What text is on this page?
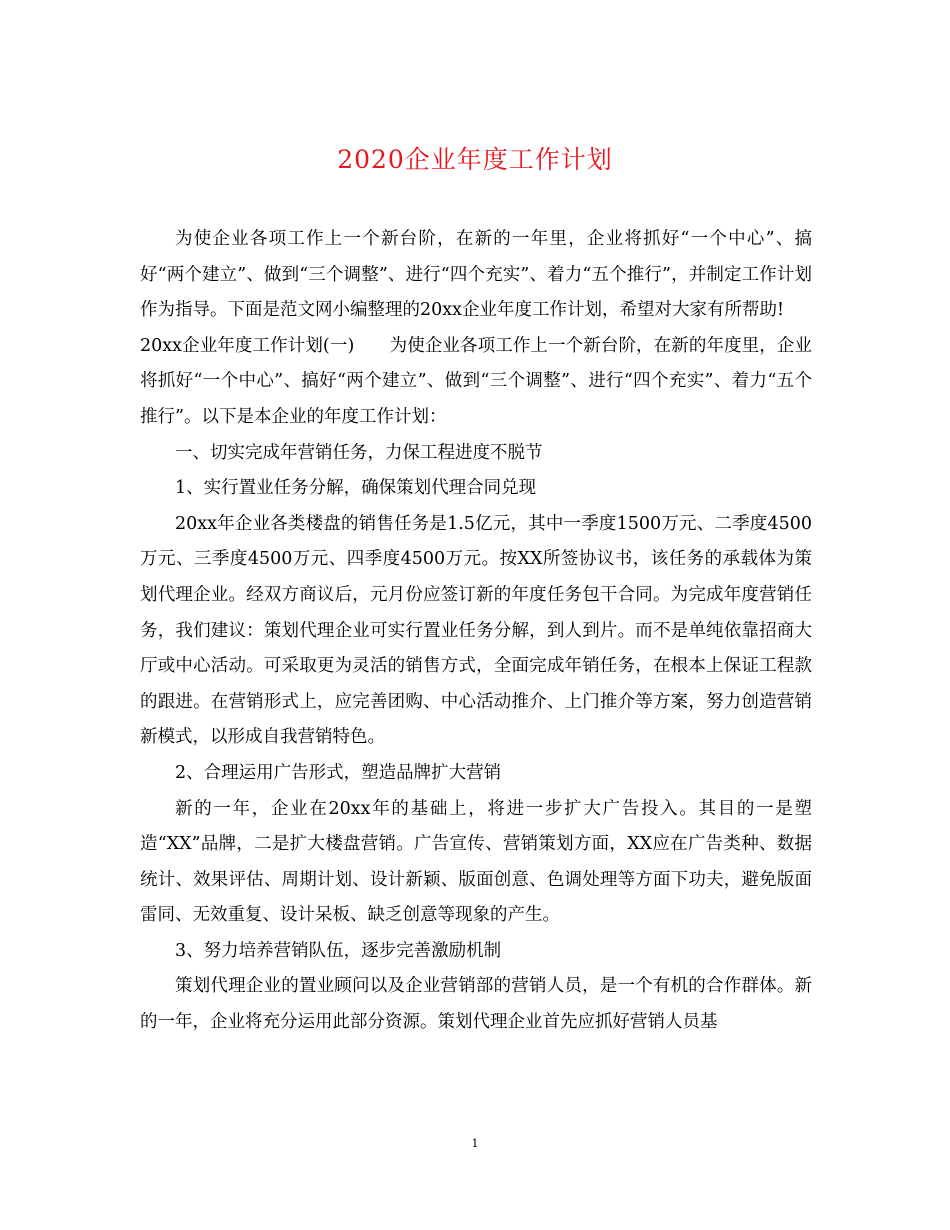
2020企业年度工作计划

为使企业各项工作上一个新台阶，在新的一年里，企业将抓好“一个中心”、搞好“两个建立”、做到“三个调整”、进行“四个充实”、着力“五个推行”，并制定工作计划作为指导。下面是范文网小编整理的20xx企业年度工作计划，希望对大家有所帮助!

20xx企业年度工作计划(一)　　为使企业各项工作上一个新台阶，在新的年度里，企业将抓好“一个中心”、搞好“两个建立”、做到“三个调整”、进行“四个充实”、着力“五个推行”。以下是本企业的年度工作计划：

一、切实完成年营销任务，力保工程进度不脱节

1、实行置业任务分解，确保策划代理合同兑现

20xx年企业各类楼盘的销售任务是1.5亿元，其中一季度1500万元、二季度4500万元、三季度4500万元、四季度4500万元。按XX所签协议书，该任务的承载体为策划代理企业。经双方商议后，元月份应签订新的年度任务包干合同。为完成年度营销任务，我们建议：策划代理企业可实行置业任务分解，到人到片。而不是单纯依靠招商大厅或中心活动。可采取更为灵活的销售方式，全面完成年销任务，在根本上保证工程款的跟进。在营销形式上，应完善团购、中心活动推介、上门推介等方案，努力创造营销新模式，以形成自我营销特色。

2、合理运用广告形式，塑造品牌扩大营销

新的一年，企业在20xx年的基础上，将进一步扩大广告投入。其目的一是塑造“XX”品牌，二是扩大楼盘营销。广告宣传、营销策划方面，XX应在广告类种、数据统计、效果评估、周期计划、设计新颖、版面创意、色调处理等方面下功夫，避免版面雷同、无效重复、设计呆板、缺乏创意等现象的产生。

3、努力培养营销队伍，逐步完善激励机制

策划代理企业的置业顾问以及企业营销部的营销人员，是一个有机的合作群体。新的一年，企业将充分运用此部分资源。策划代理企业首先应抓好营销人员基

1
